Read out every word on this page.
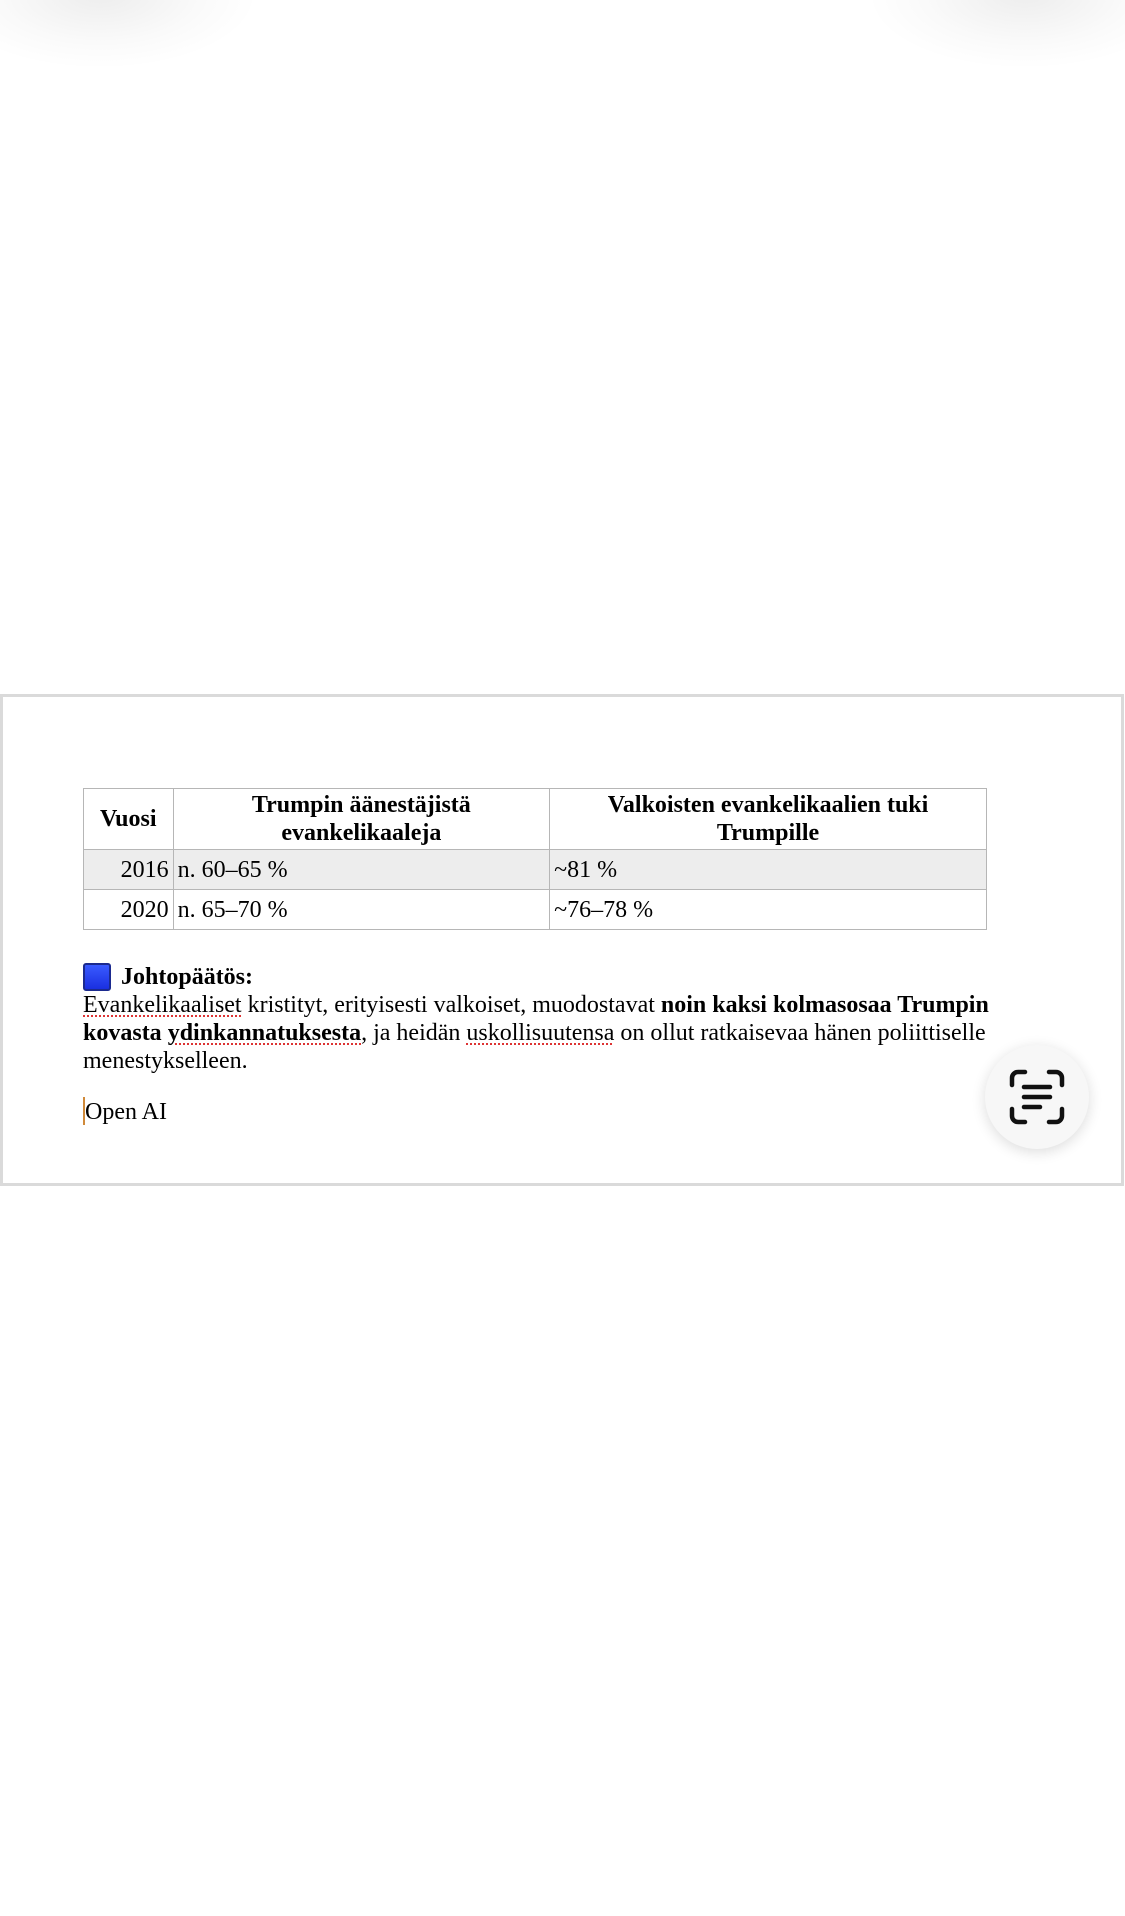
Vuosi	Trumpin äänestäjistä evankelikaaleja	Valkoisten evankelikaalien tuki Trumpille
2016	n. 60–65 %	~81 %
2020	n. 65–70 %	~76–78 %
Johtopäätös:
Evankelikaaliset kristityt, erityisesti valkoiset, muodostavat noin kaksi kolmasosaa Trumpin kovasta ydinkannatuksesta, ja heidän uskollisuutensa on ollut ratkaisevaa hänen poliittiselle menestykselleen.
Open AI
